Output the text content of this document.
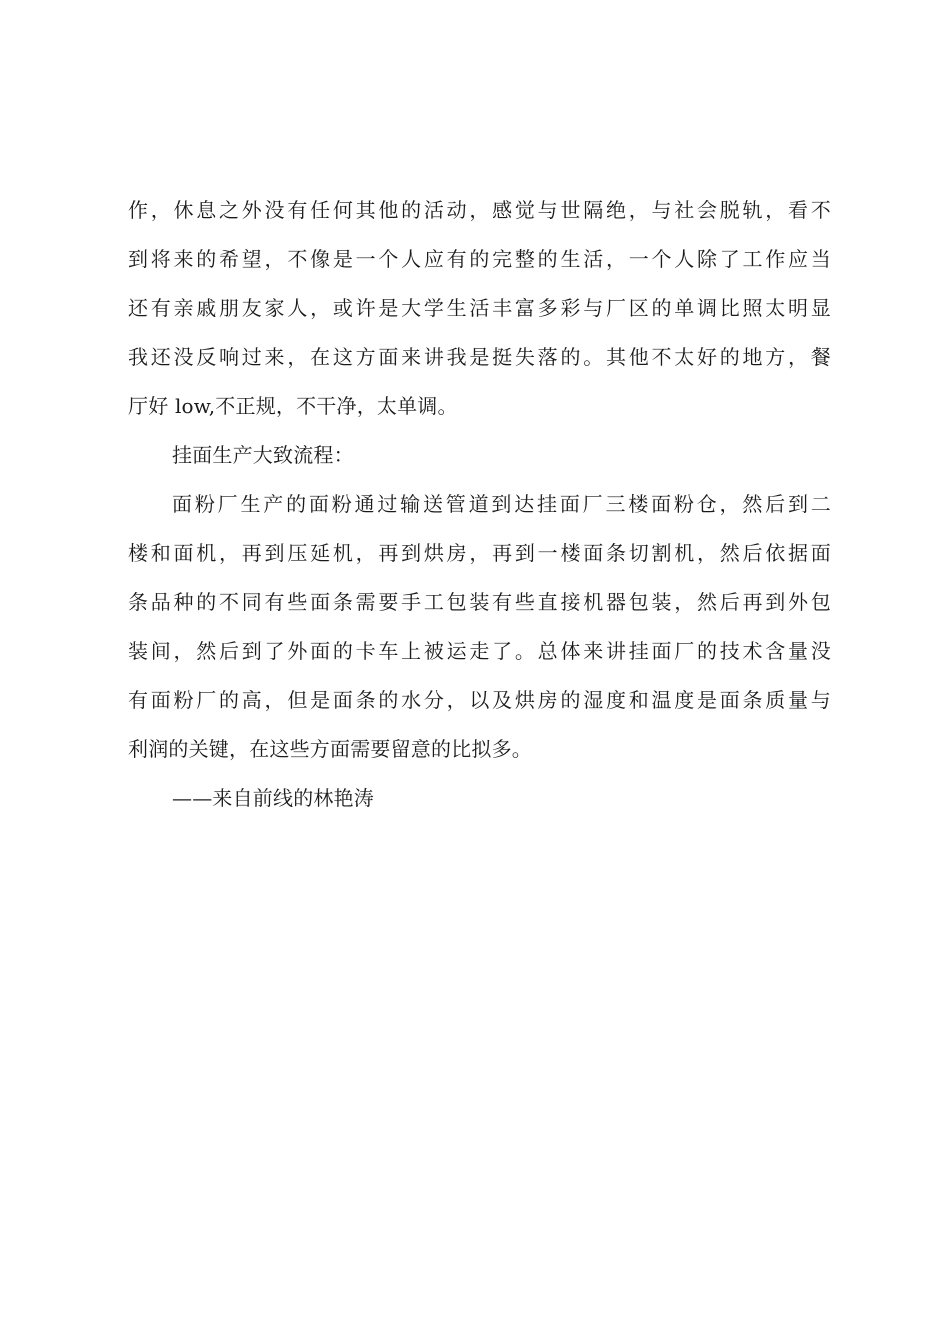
作，休息之外没有任何其他的活动，感觉与世隔绝，与社会脱轨，看不
到将来的希望，不像是一个人应有的完整的生活，一个人除了工作应当
还有亲戚朋友家人，或许是大学生活丰富多彩与厂区的单调比照太明显
我还没反响过来，在这方面来讲我是挺失落的。其他不太好的地方，餐
厅好 low,不正规，不干净，太单调。
挂面生产大致流程：
面粉厂生产的面粉通过输送管道到达挂面厂三楼面粉仓，然后到二
楼和面机，再到压延机，再到烘房，再到一楼面条切割机，然后依据面
条品种的不同有些面条需要手工包装有些直接机器包装，然后再到外包
装间，然后到了外面的卡车上被运走了。总体来讲挂面厂的技术含量没
有面粉厂的高，但是面条的水分，以及烘房的湿度和温度是面条质量与
利润的关键，在这些方面需要留意的比拟多。
——来自前线的林艳涛
